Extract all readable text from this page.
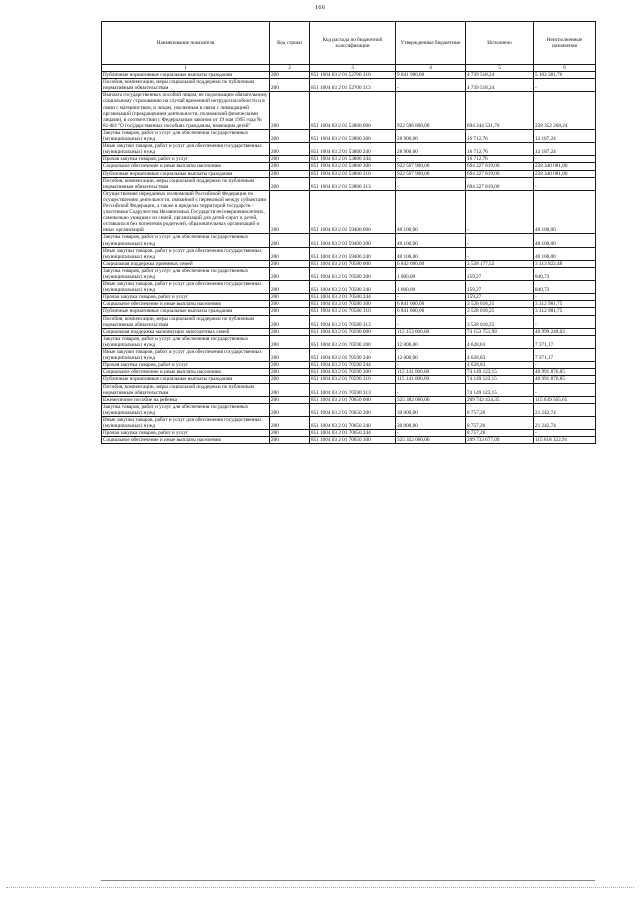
166
Наименование показателя	Код строки	Код расхода по бюджетной классификации	Утвержденные бюджетные	Исполнено	Неисполненные назначения
1	2	3	4	5	6
Публичные нормативные социальные выплаты гражданам	200	851 1004 03 2 01 52700 310	9 841 900,00	4 739 518,24	5 102 381,76
Пособия, компенсации, меры социальной поддержки по публичным нормативным обязательствам	200	851 1004 03 2 01 52700 313	-	4 739 518,24	-
Выплата государственных пособий лицам, не подлежащим обязательному социальному страхованию на случай временной нетрудоспособности и в связи с материнством, и лицам, уволенным в связи с ликвидацией организаций (прекращением деятельности, полномочий физическими лицами), в соответствии с Федеральным законом от 19 мая 1995 года № 81-ФЗ "О государственных пособиях гражданам, имеющим детей"	200	851 1004 03 2 01 53800 000	922 596 800,00	694 244 531,76	228 352 268,24
Закупка товаров, работ и услуг для обеспечения государственных (муниципальных) нужд	200	851 1004 03 2 01 53800 200	28 900,00	16 712,76	12 187,24
Иные закупки товаров, работ и услуг для обеспечения государственных (муниципальных) нужд	200	851 1004 03 2 01 53800 240	28 900,00	16 712,76	12 187,24
Прочая закупка товаров, работ и услуг	200	851 1004 03 2 01 53800 244	-	16 712,76	-
Социальное обеспечение и иные выплаты населению	200	851 1004 03 2 01 53800 300	922 567 900,00	694 227 819,00	228 340 081,00
Публичные нормативные социальные выплаты гражданам	200	851 1004 03 2 01 53800 310	922 567 900,00	694 227 819,00	228 340 081,00
Пособия, компенсации, меры социальной поддержки по публичным нормативным обязательствам	200	851 1004 03 2 01 53800 313	-	694 227 819,00	-
Осуществление переданных полномочий Российской Федерации по осуществлению деятельности, связанной с перевозкой между субъектами Российской Федерации, а также в пределах территорий государств - участников Содружества Независимых Государств несовершеннолетних, самовольно ушедших из семей, организаций для детей-сирот и детей, оставшихся без попечения родителей, образовательных организаций и иных организаций	200	851 1004 03 2 01 59400 000	40 100,00	-	40 100,00
Закупка товаров, работ и услуг для обеспечения государственных (муниципальных) нужд	200	851 1004 03 2 01 59400 200	40 100,00	-	40 100,00
Иные закупки товаров, работ и услуг для обеспечения государственных (муниципальных) нужд	200	851 1004 03 2 01 59400 240	40 100,00	-	40 100,00
Социальная поддержка приемных семей	200	851 1004 03 2 01 70580 000	6 842 000,00	3 528 177,52	3 313 822,48
Закупка товаров, работ и услуг для обеспечения государственных (муниципальных) нужд	200	851 1004 03 2 01 70580 200	1 000,00	159,27	840,73
Иные закупки товаров, работ и услуг для обеспечения государственных (муниципальных) нужд	200	851 1004 03 2 01 70580 240	1 000,00	159,27	840,73
Прочая закупка товаров, работ и услуг	200	851 1004 03 2 01 70580 244	-	159,27	-
Социальное обеспечение и иные выплаты населению	200	851 1004 03 2 01 70580 300	6 841 000,00	3 528 018,25	3 312 981,75
Публичные нормативные социальные выплаты гражданам	200	851 1004 03 2 01 70580 310	6 841 000,00	3 528 018,25	3 312 981,75
Пособия, компенсации, меры социальной поддержки по публичным нормативным обязательствам	200	851 1004 03 2 01 70580 313	-	3 528 018,25	-
Социальная поддержка малоимущих многодетных семей	200	851 1004 03 2 01 70590 000	115 153 000,00	74 153 751,98	40 999 248,02
Закупка товаров, работ и услуг для обеспечения государственных (муниципальных) нужд	200	851 1004 03 2 01 70590 200	12 000,00	4 628,83	7 371,17
Иные закупки товаров, работ и услуг для обеспечения государственных (муниципальных) нужд	200	851 1004 03 2 01 70590 240	12 000,00	4 628,83	7 371,17
Прочая закупка товаров, работ и услуг	200	851 1004 03 2 01 70590 244	-	4 628,83	-
Социальное обеспечение и иные выплаты населению	200	851 1004 03 2 01 70590 300	115 141 000,00	74 149 123,15	40 991 876,85
Публичные нормативные социальные выплаты гражданам	200	851 1004 03 2 01 70590 310	115 141 000,00	74 149 123,15	40 991 876,85
Пособия, компенсации, меры социальной поддержки по публичным нормативным обязательствам	200	851 1004 03 2 01 70590 313	-	74 149 123,15	-
Ежемесячное пособие на ребенка	200	851 1004 03 2 01 70650 000	325 382 000,00	209 742 434,35	115 639 565,65
Закупка товаров, работ и услуг для обеспечения государственных (муниципальных) нужд	200	851 1004 03 2 01 70650 200	30 000,00	8 757,26	21 242,74
Иные закупки товаров, работ и услуг для обеспечения государственных (муниципальных) нужд	200	851 1004 03 2 01 70650 240	30 000,00	8 757,26	21 242,74
Прочая закупка товаров, работ и услуг	200	851 1004 03 2 01 70650 244	-	8 757,26	-
Социальное обеспечение и иные выплаты населению	200	851 1004 03 2 01 70650 300	325 352 000,00	209 733 677,09	115 618 322,91
